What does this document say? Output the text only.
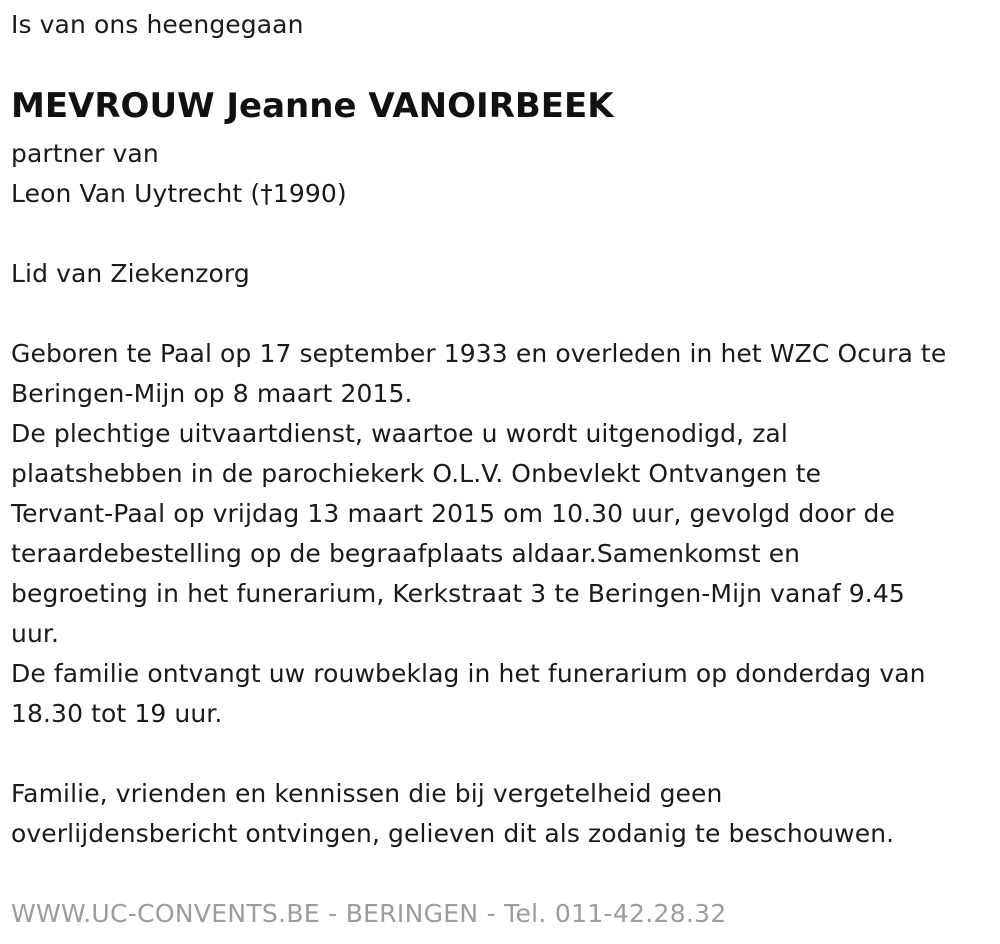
Is van ons heengegaan
MEVROUW Jeanne VANOIRBEEK
partner van
Leon Van Uytrecht (†1990)
Lid van Ziekenzorg
Geboren te Paal op 17 september 1933 en overleden in het WZC Ocura te
Beringen-Mijn op 8 maart 2015.
De plechtige uitvaartdienst, waartoe u wordt uitgenodigd, zal
plaatshebben in de parochiekerk O.L.V. Onbevlekt Ontvangen te
Tervant-Paal op vrijdag 13 maart 2015 om 10.30 uur, gevolgd door de
teraardebestelling op de begraafplaats aldaar.Samenkomst en
begroeting in het funerarium, Kerkstraat 3 te Beringen-Mijn vanaf 9.45
uur.
De familie ontvangt uw rouwbeklag in het funerarium op donderdag van
18.30 tot 19 uur.
Familie, vrienden en kennissen die bij vergetelheid geen
overlijdensbericht ontvingen, gelieven dit als zodanig te beschouwen.
WWW.UC-CONVENTS.BE - BERINGEN - Tel. 011-42.28.32
